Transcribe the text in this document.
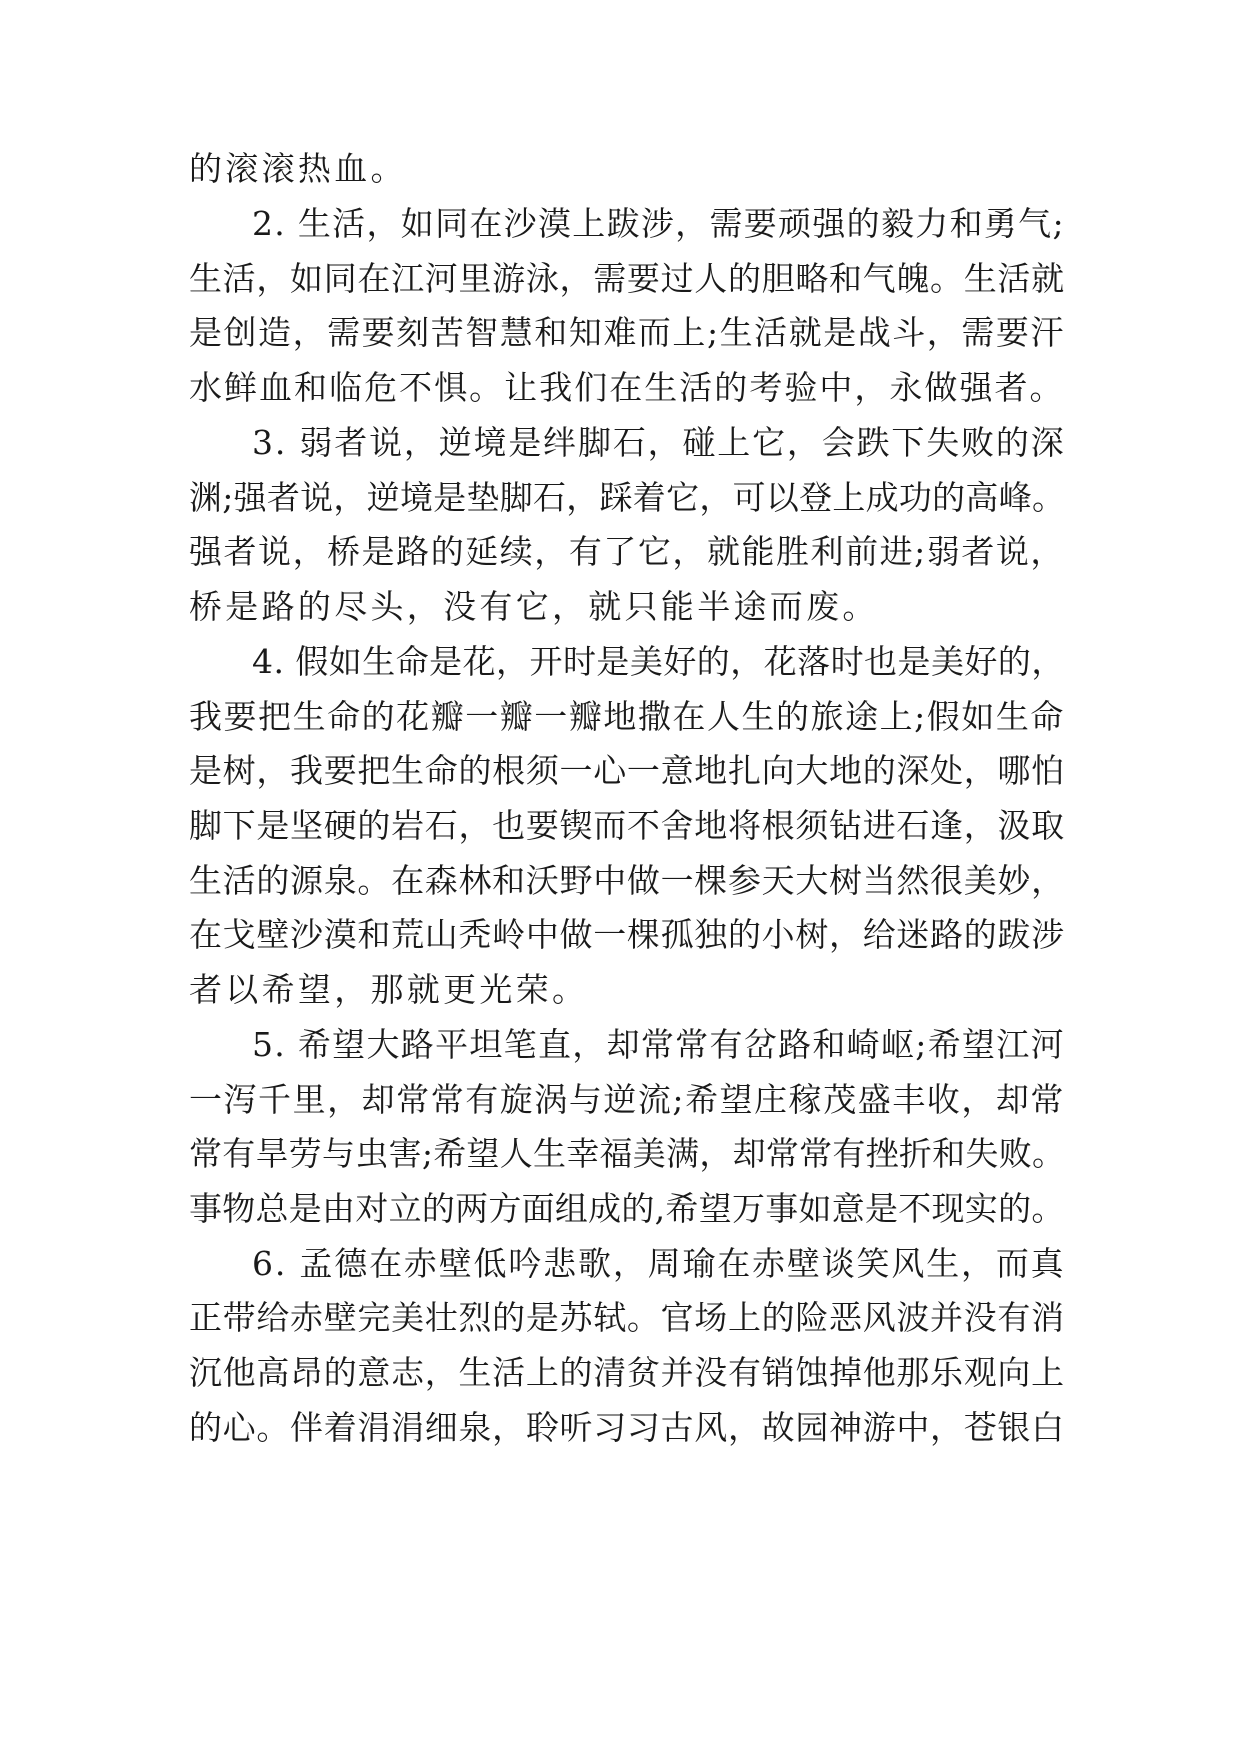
的滚滚热血。
2. 生活，如同在沙漠上跋涉，需要顽强的毅力和勇气;
生活，如同在江河里游泳，需要过人的胆略和气魄。生活就
是创造，需要刻苦智慧和知难而上;生活就是战斗，需要汗
水鲜血和临危不惧。让我们在生活的考验中，永做强者。
3. 弱者说，逆境是绊脚石，碰上它，会跌下失败的深
渊;强者说，逆境是垫脚石，踩着它，可以登上成功的高峰。
强者说，桥是路的延续，有了它，就能胜利前进;弱者说，
桥是路的尽头，没有它，就只能半途而废。
4. 假如生命是花，开时是美好的，花落时也是美好的，
我要把生命的花瓣一瓣一瓣地撒在人生的旅途上;假如生命
是树，我要把生命的根须一心一意地扎向大地的深处，哪怕
脚下是坚硬的岩石，也要锲而不舍地将根须钻进石逢，汲取
生活的源泉。在森林和沃野中做一棵参天大树当然很美妙，
在戈壁沙漠和荒山秃岭中做一棵孤独的小树，给迷路的跋涉
者以希望，那就更光荣。
5. 希望大路平坦笔直，却常常有岔路和崎岖;希望江河
一泻千里，却常常有旋涡与逆流;希望庄稼茂盛丰收，却常
常有旱劳与虫害;希望人生幸福美满，却常常有挫折和失败。
事物总是由对立的两方面组成的,希望万事如意是不现实的。
6. 孟德在赤壁低吟悲歌，周瑜在赤壁谈笑风生，而真
正带给赤壁完美壮烈的是苏轼。官场上的险恶风波并没有消
沉他高昂的意志，生活上的清贫并没有销蚀掉他那乐观向上
的心。伴着涓涓细泉，聆听习习古风，故园神游中，苍银白
